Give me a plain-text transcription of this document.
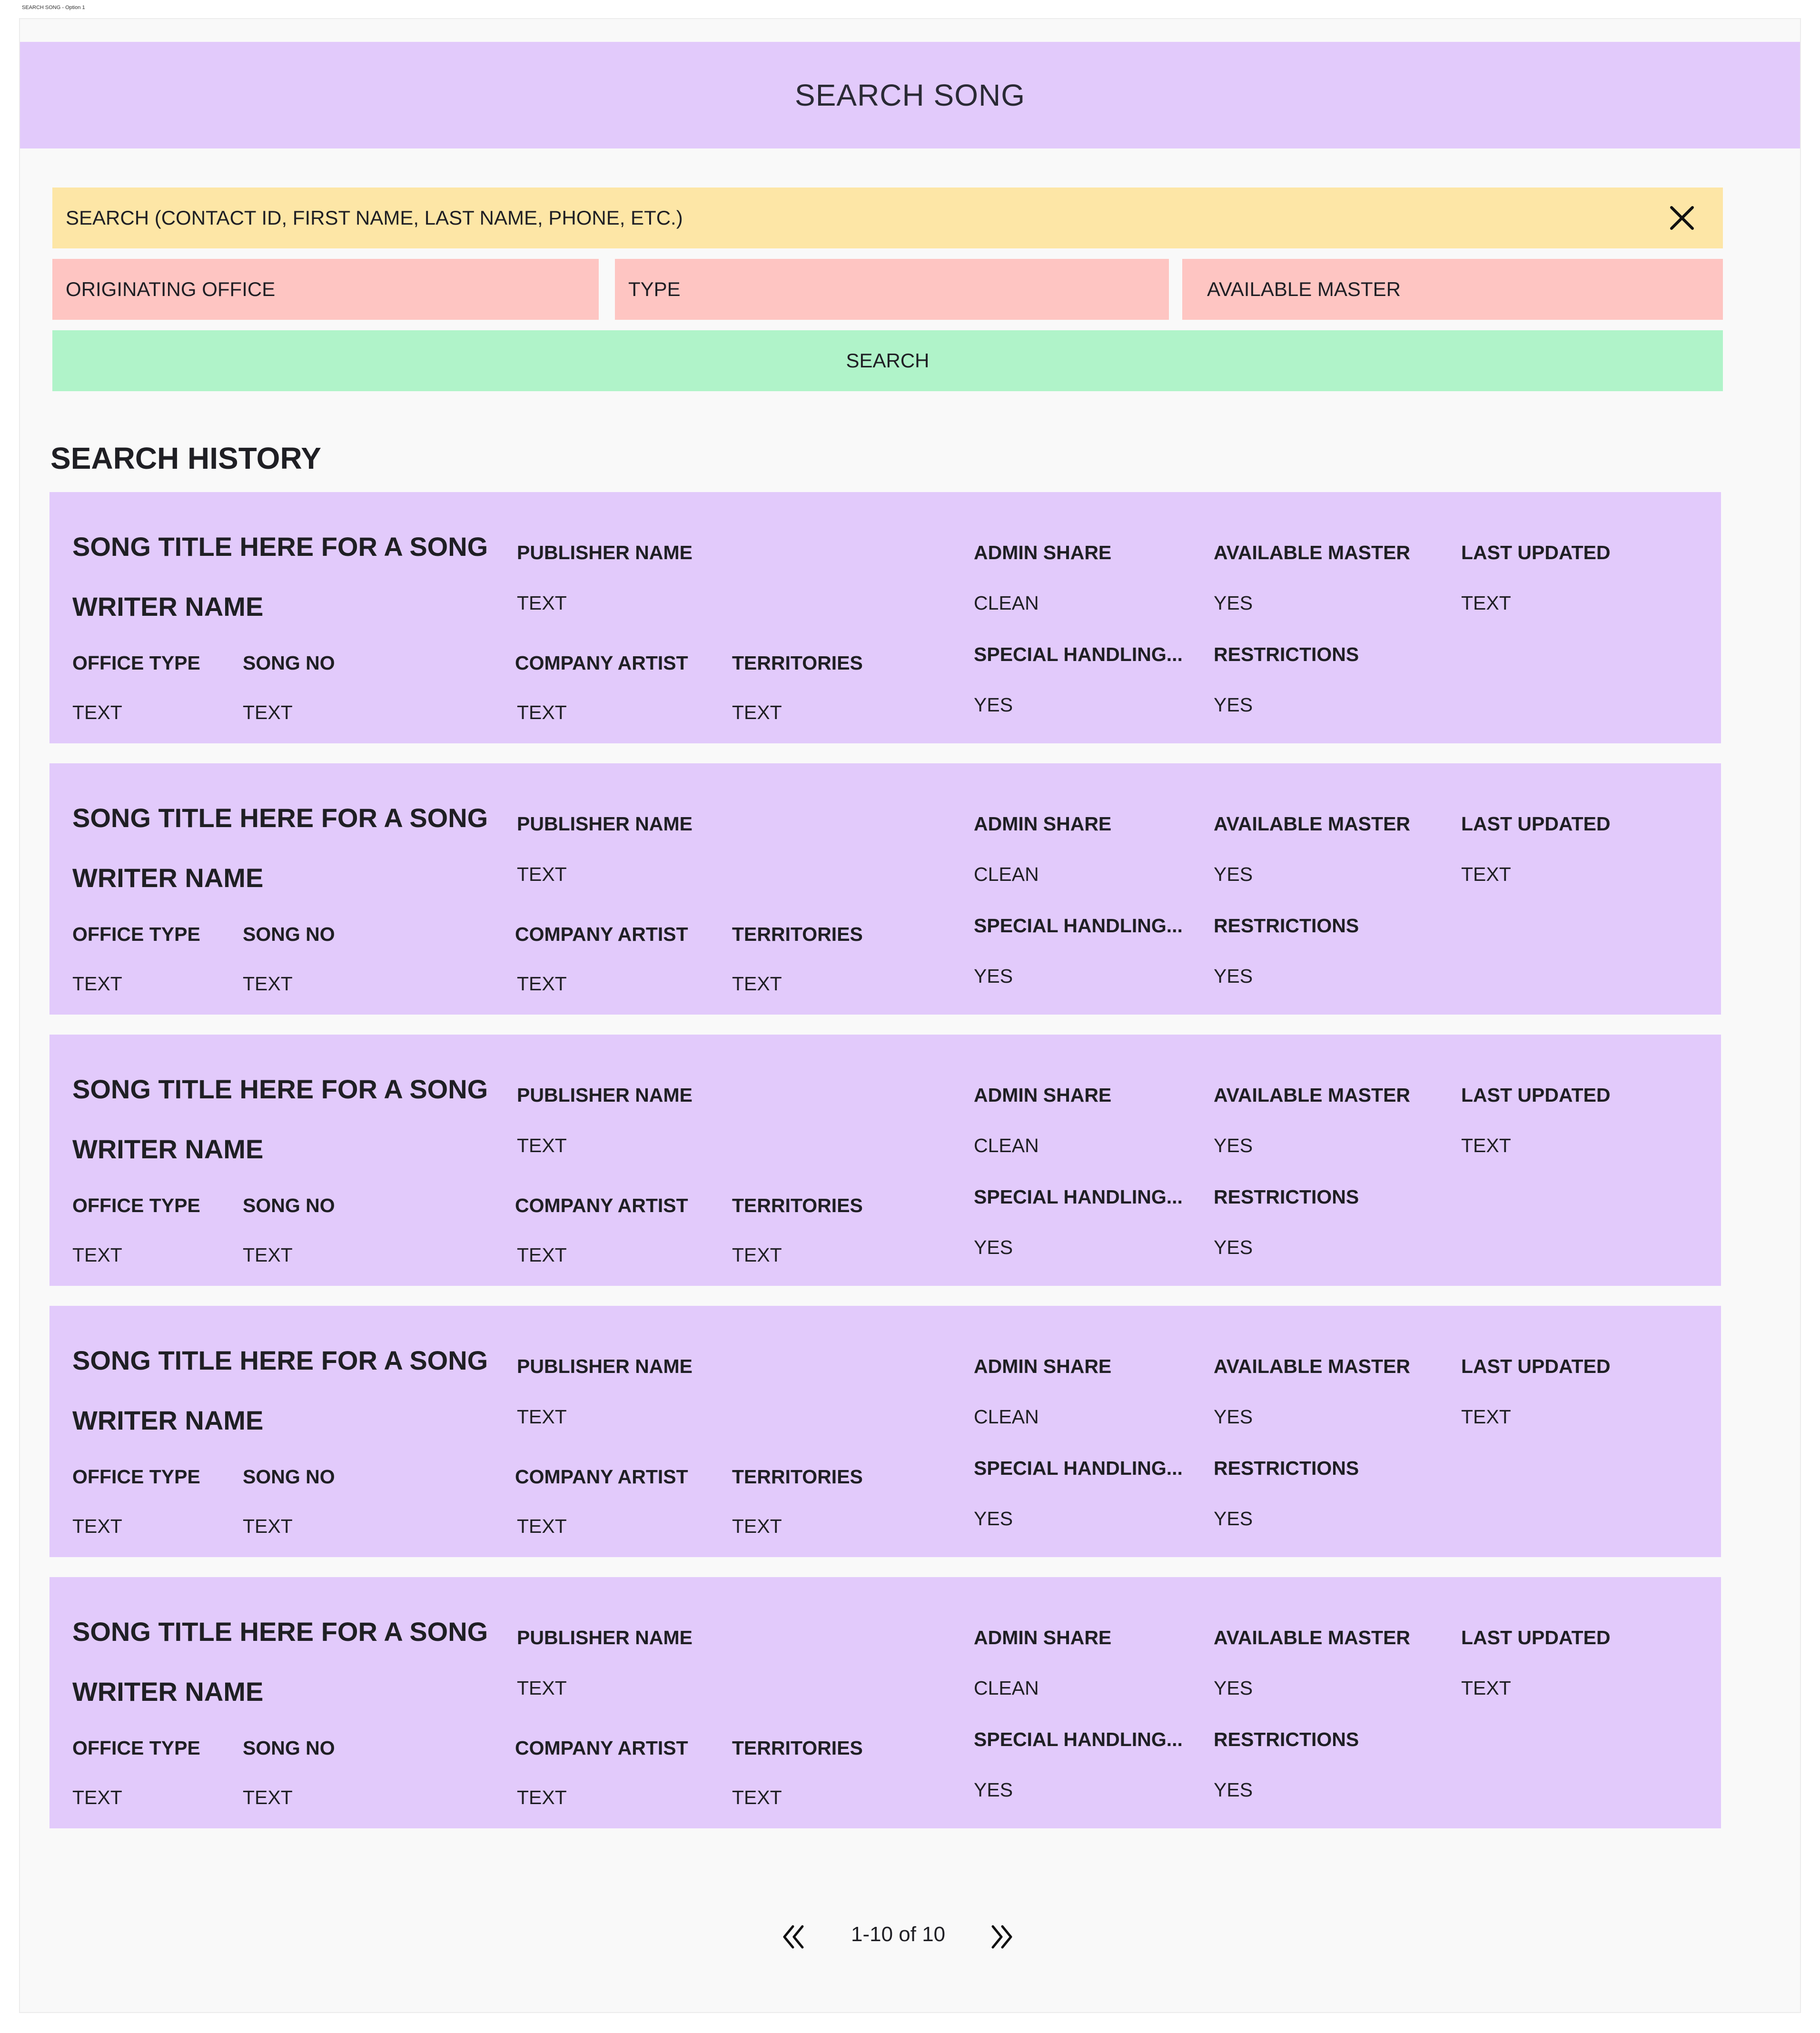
SEARCH SONG - Option 1
SEARCH SONG
SEARCH (CONTACT ID, FIRST NAME, LAST NAME, PHONE, ETC.)
ORIGINATING OFFICE	TYPE	AVAILABLE MASTER
SEARCH
SEARCH HISTORY
SONG TITLE HERE FOR A SONG
WRITER NAME
OFFICE TYPE
TEXT
SONG NO
TEXT
PUBLISHER NAME
TEXT
COMPANY ARTIST
TEXT
TERRITORIES
TEXT
ADMIN SHARE
CLEAN
SPECIAL HANDLING...
YES
AVAILABLE MASTER
YES
RESTRICTIONS
YES
LAST UPDATED
TEXT
SONG TITLE HERE FOR A SONG
WRITER NAME
OFFICE TYPE
TEXT
SONG NO
TEXT
PUBLISHER NAME
TEXT
COMPANY ARTIST
TEXT
TERRITORIES
TEXT
ADMIN SHARE
CLEAN
SPECIAL HANDLING...
YES
AVAILABLE MASTER
YES
RESTRICTIONS
YES
LAST UPDATED
TEXT
SONG TITLE HERE FOR A SONG
WRITER NAME
OFFICE TYPE
TEXT
SONG NO
TEXT
PUBLISHER NAME
TEXT
COMPANY ARTIST
TEXT
TERRITORIES
TEXT
ADMIN SHARE
CLEAN
SPECIAL HANDLING...
YES
AVAILABLE MASTER
YES
RESTRICTIONS
YES
LAST UPDATED
TEXT
SONG TITLE HERE FOR A SONG
WRITER NAME
OFFICE TYPE
TEXT
SONG NO
TEXT
PUBLISHER NAME
TEXT
COMPANY ARTIST
TEXT
TERRITORIES
TEXT
ADMIN SHARE
CLEAN
SPECIAL HANDLING...
YES
AVAILABLE MASTER
YES
RESTRICTIONS
YES
LAST UPDATED
TEXT
SONG TITLE HERE FOR A SONG
WRITER NAME
OFFICE TYPE
TEXT
SONG NO
TEXT
PUBLISHER NAME
TEXT
COMPANY ARTIST
TEXT
TERRITORIES
TEXT
ADMIN SHARE
CLEAN
SPECIAL HANDLING...
YES
AVAILABLE MASTER
YES
RESTRICTIONS
YES
LAST UPDATED
TEXT
1-10 of 10
